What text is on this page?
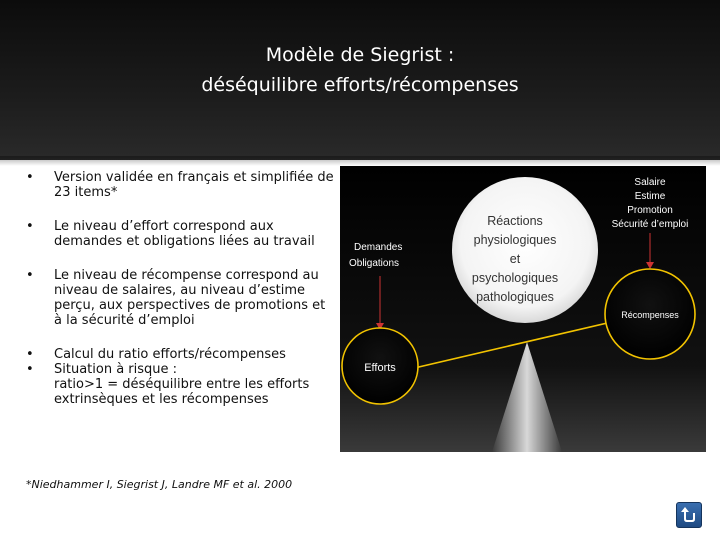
Modèle de Siegrist :
déséquilibre efforts/récompenses
• Version validée en français et simplifiée de
23 items*
• Le niveau d’effort correspond aux
demandes et obligations liées au travail
• Le niveau de récompense correspond au
niveau de salaires, au niveau d’estime
perçu, aux perspectives de promotions et
à la sécurité d’emploi
• Calcul du ratio efforts/récompenses
• Situation à risque :
ratio>1 = déséquilibre entre les efforts
extrinsèques et les récompenses
*Niedhammer I, Siegrist J, Landre MF et al. 2000
Réactions
physiologiques
et
psychologiques
pathologiques
Demandes
Obligations
Salaire
Estime
Promotion
Sécurité d’emploi
Efforts
Récompenses
